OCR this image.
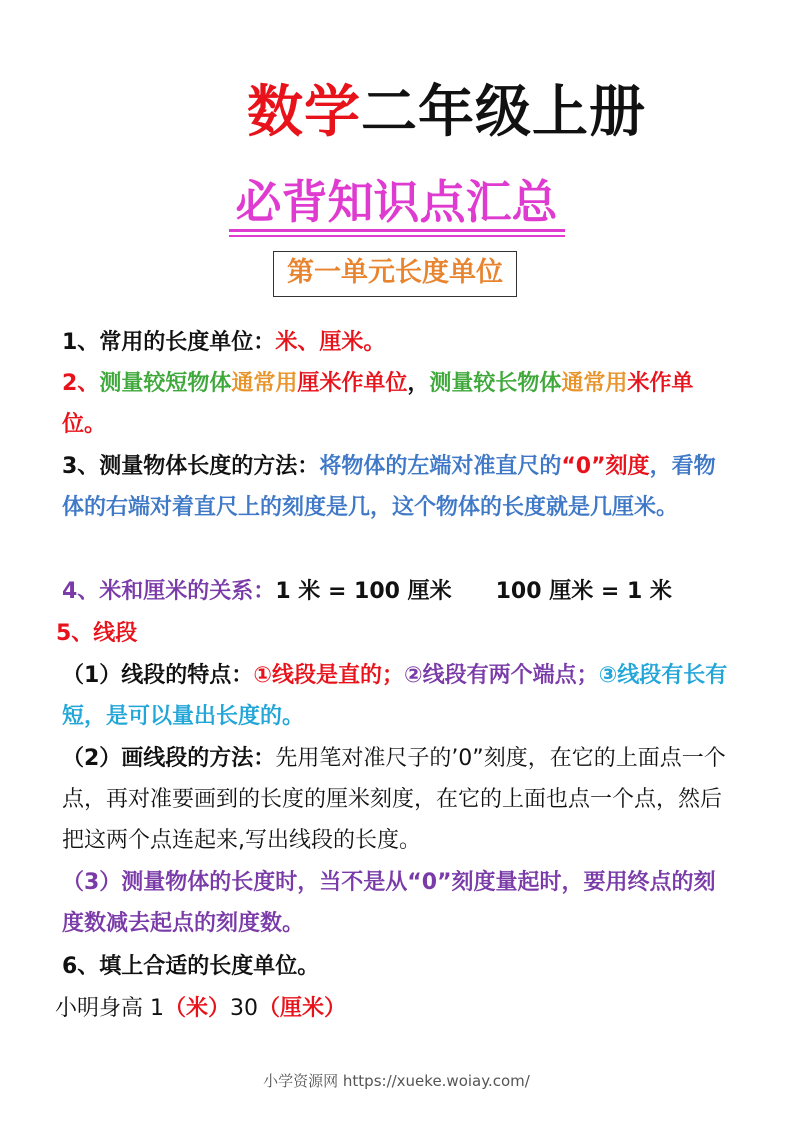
数学二年级上册
必背知识点汇总
第一单元长度单位
1、常用的长度单位：米、厘米。
2、测量较短物体通常用厘米作单位，测量较长物体通常用米作单位。
3、测量物体长度的方法：将物体的左端对准直尺的“0”刻度，看物体的右端对着直尺上的刻度是几，这个物体的长度就是几厘米。
4、米和厘米的关系：1 米 = 100 厘米　　100 厘米 = 1 米
5、线段
（1）线段的特点：①线段是直的；②线段有两个端点；③线段有长有短，是可以量出长度的。
（2）画线段的方法：先用笔对准尺子的’0”刻度，在它的上面点一个点，再对准要画到的长度的厘米刻度，在它的上面也点一个点，然后把这两个点连起来,写出线段的长度。
（3）测量物体的长度时，当不是从“0”刻度量起时，要用终点的刻度数减去起点的刻度数。
6、填上合适的长度单位。
小明身高 1（米）30（厘米）
小学资源网 https://xueke.woiay.com/
